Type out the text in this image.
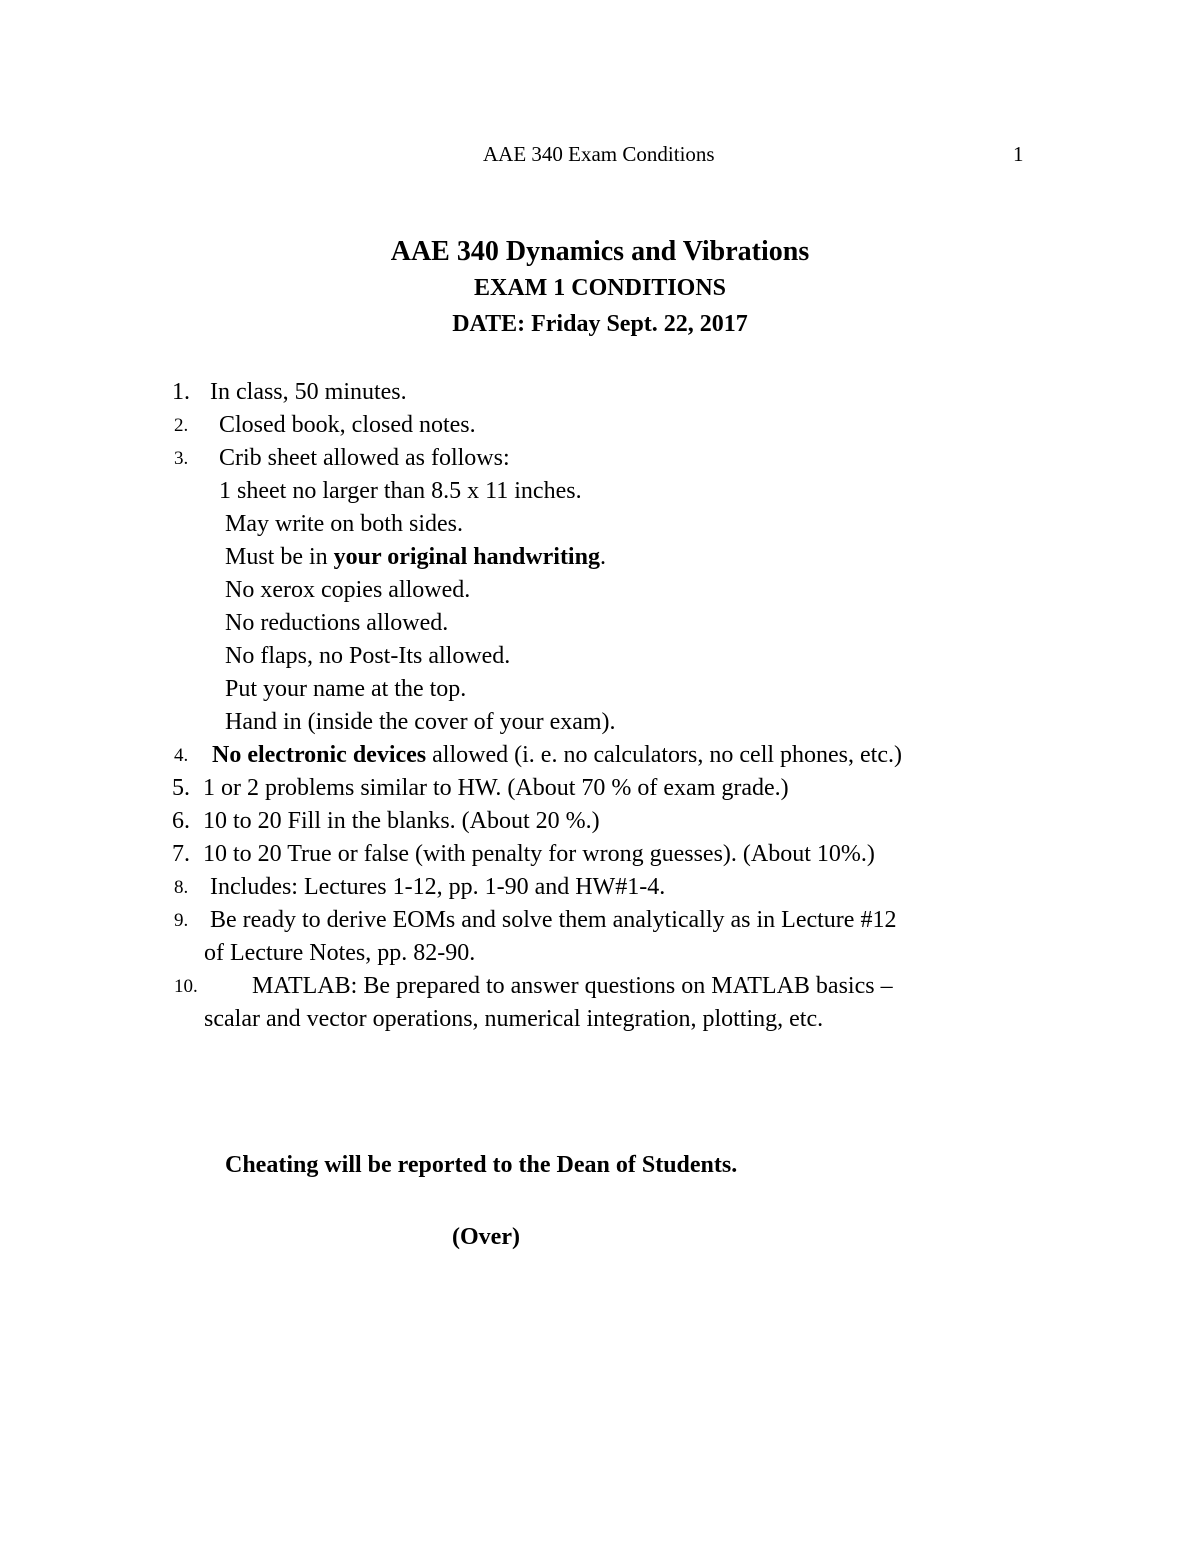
AAE 340 Exam Conditions	1
AAE 340 Dynamics and Vibrations
EXAM 1 CONDITIONS
DATE: Friday Sept. 22, 2017
1. In class, 50 minutes.
2. Closed book, closed notes.
3. Crib sheet allowed as follows:
1 sheet no larger than 8.5 x 11 inches.
May write on both sides.
Must be in your original handwriting.
No xerox copies allowed.
No reductions allowed.
No flaps, no Post-Its allowed.
Put your name at the top.
Hand in (inside the cover of your exam).
4. No electronic devices allowed (i. e. no calculators, no cell phones, etc.)
5. 1 or 2 problems similar to HW. (About 70 % of exam grade.)
6. 10 to 20 Fill in the blanks. (About 20 %.)
7. 10 to 20 True or false (with penalty for wrong guesses). (About 10%.)
8. Includes: Lectures 1-12, pp. 1-90 and HW#1-4.
9. Be ready to derive EOMs and solve them analytically as in Lecture #12
of Lecture Notes, pp. 82-90.
10. MATLAB: Be prepared to answer questions on MATLAB basics –
scalar and vector operations, numerical integration, plotting, etc.
Cheating will be reported to the Dean of Students.
(Over)
